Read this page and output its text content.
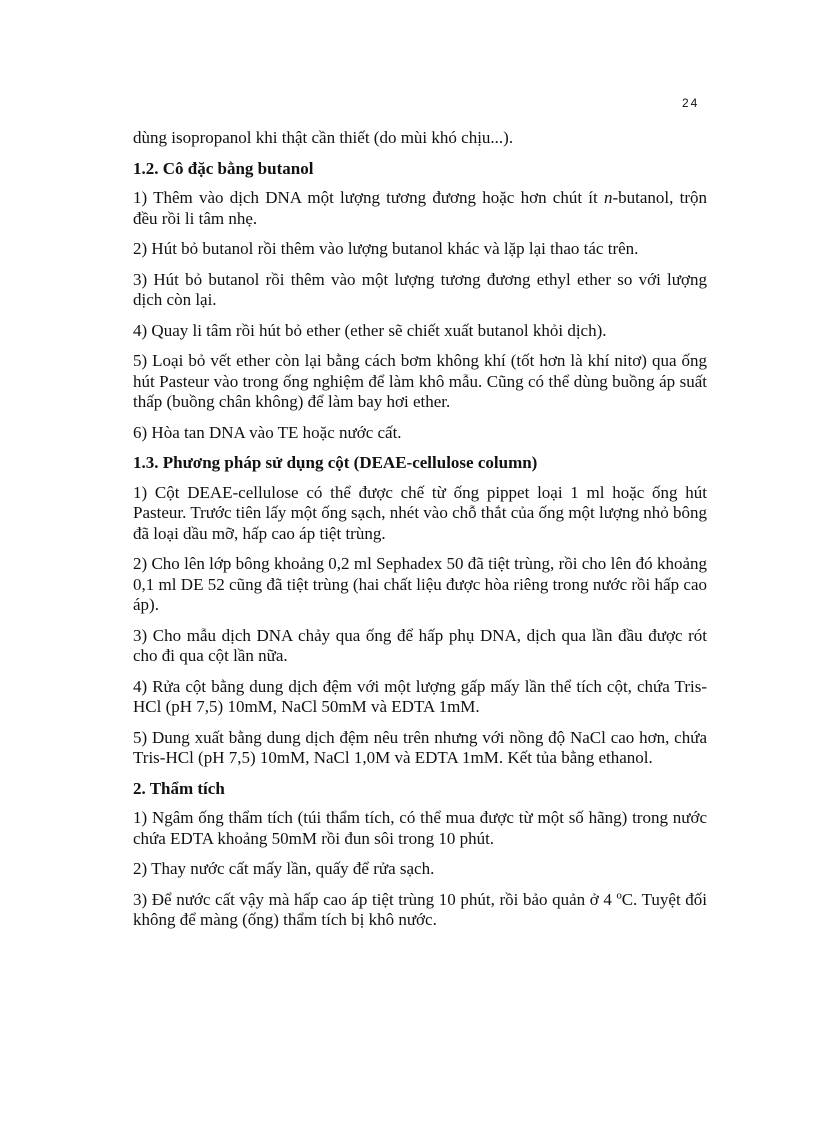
24

dùng isopropanol khi thật cần thiết (do mùi khó chịu...).

1.2. Cô đặc bằng butanol

1) Thêm vào dịch DNA một lượng tương đương hoặc hơn chút ít n-butanol, trộn đều rồi li tâm nhẹ.

2) Hút bỏ butanol rồi thêm vào lượng butanol khác và lặp lại thao tác trên.

3) Hút bỏ butanol rồi thêm vào một lượng tương đương ethyl ether so với lượng dịch còn lại.

4) Quay li tâm rồi hút bỏ ether (ether sẽ chiết xuất butanol khỏi dịch).

5) Loại bỏ vết ether còn lại bằng cách bơm không khí (tốt hơn là khí nitơ) qua ống hút Pasteur vào trong ống nghiệm để làm khô mẫu. Cũng có thể dùng buồng áp suất thấp (buồng chân không) để làm bay hơi ether.

6) Hòa tan DNA vào TE hoặc nước cất.

1.3. Phương pháp sử dụng cột (DEAE-cellulose column)

1) Cột DEAE-cellulose có thể được chế từ ống pippet loại 1 ml hoặc ống hút Pasteur. Trước tiên lấy một ống sạch, nhét vào chỗ thắt của ống một lượng nhỏ bông đã loại dầu mỡ, hấp cao áp tiệt trùng.

2) Cho lên lớp bông khoảng 0,2 ml Sephadex 50 đã tiệt trùng, rồi cho lên đó khoảng 0,1 ml DE 52 cũng đã tiệt trùng (hai chất liệu được hòa riêng trong nước rồi hấp cao áp).

3) Cho mẫu dịch DNA chảy qua ống để hấp phụ DNA, dịch qua lần đầu được rót cho đi qua cột lần nữa.

4) Rửa cột bằng dung dịch đệm với một lượng gấp mấy lần thể tích cột, chứa Tris-HCl (pH 7,5) 10mM, NaCl 50mM và EDTA 1mM.

5) Dung xuất bằng dung dịch đệm nêu trên nhưng với nồng độ NaCl cao hơn, chứa Tris-HCl (pH 7,5) 10mM, NaCl 1,0M và EDTA 1mM. Kết tủa bằng ethanol.

2. Thẩm tích

1) Ngâm ống thẩm tích (túi thẩm tích, có thể mua được từ một số hãng) trong nước chứa EDTA khoảng 50mM rồi đun sôi trong 10 phút.

2) Thay nước cất mấy lần, quấy để rửa sạch.

3) Để nước cất vậy mà hấp cao áp tiệt trùng 10 phút, rồi bảo quản ở 4 ºC. Tuyệt đối không để màng (ống) thẩm tích bị khô nước.
